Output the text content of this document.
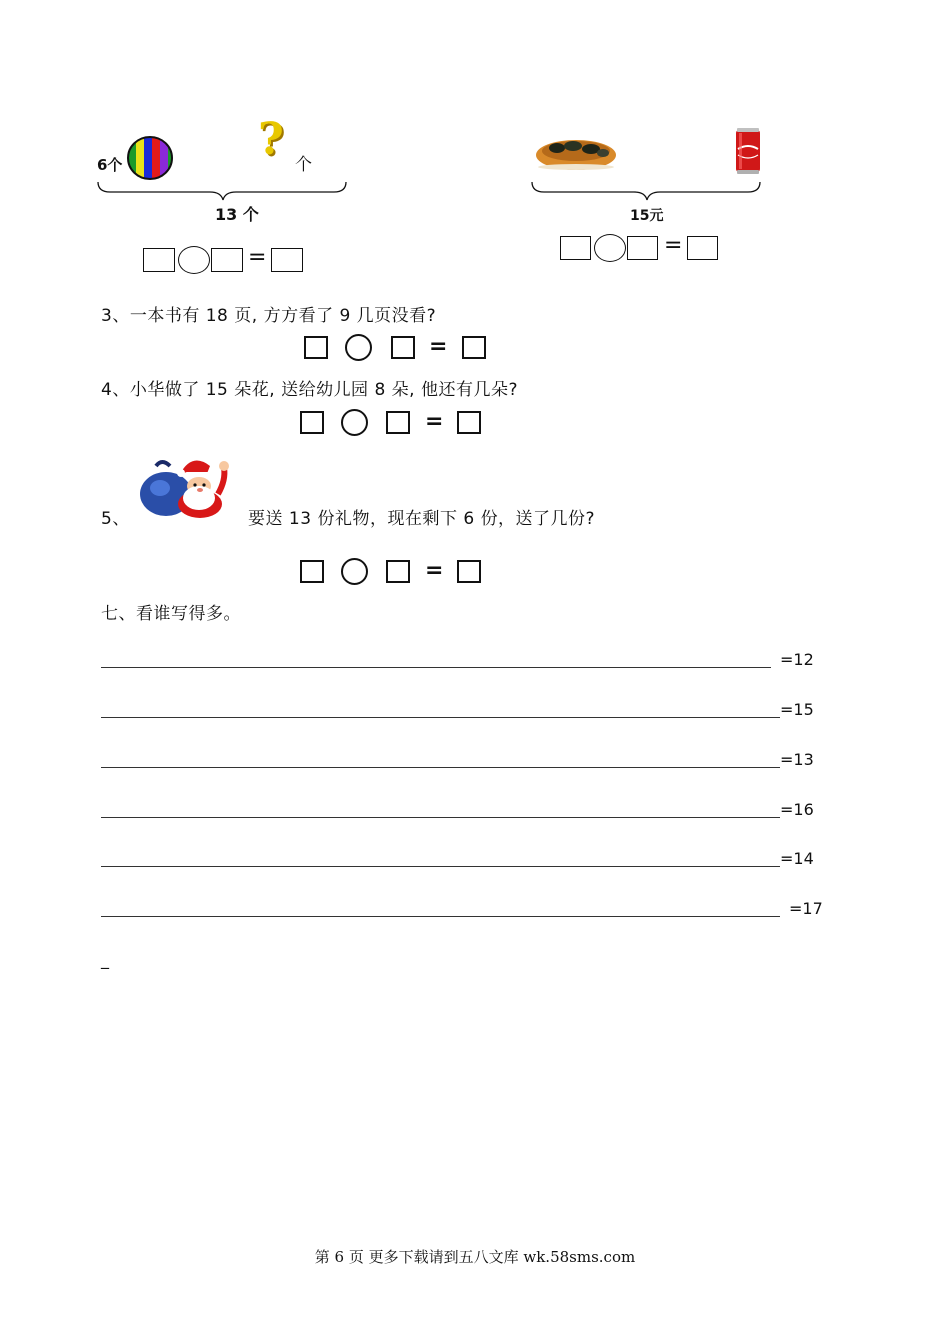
6个	? 个
13 个
=
15元
=
3、一本书有 18 页, 方方看了 9 几页没看?
=
4、小华做了 15 朵花, 送给幼儿园 8 朵, 他还有几朵?
=
5、	要送 13 份礼物，现在剩下 6 份，送了几份?
=
七、看谁写得多。
=12
=15
=13
=16
=14
=17
_
第 6 页 更多下载请到五八文库 wk.58sms.com
